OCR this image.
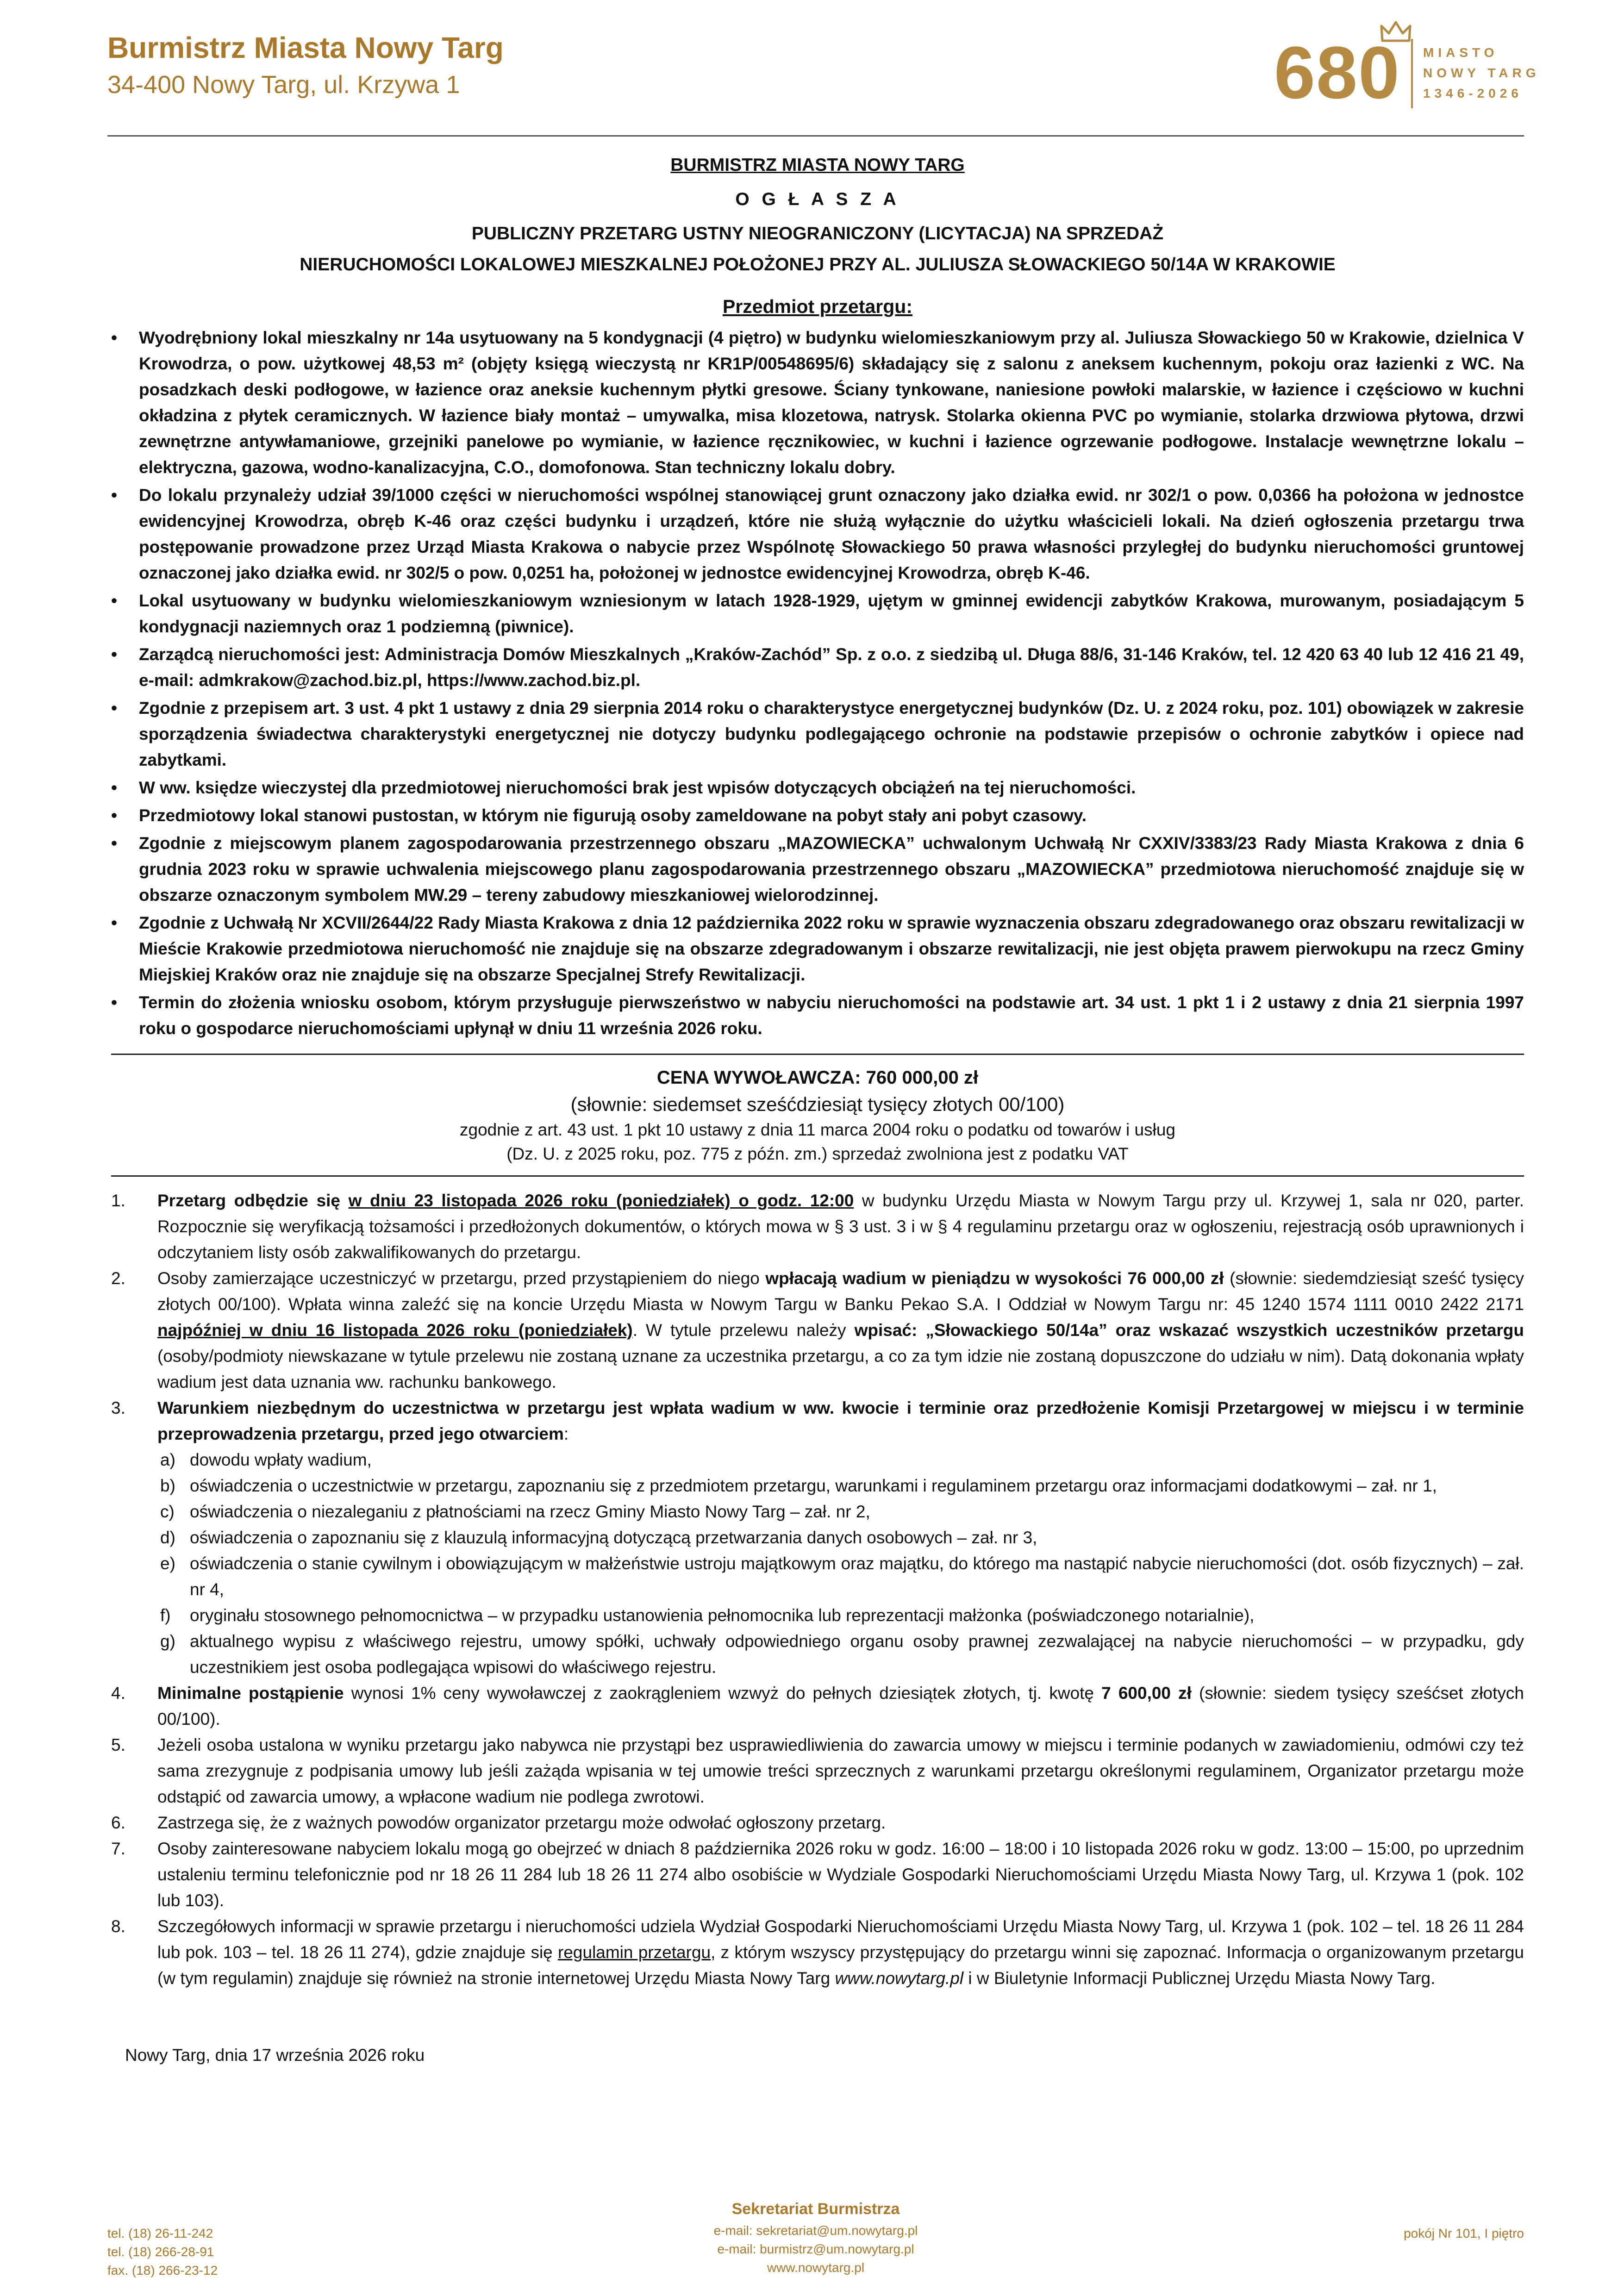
Burmistrz Miasta Nowy Targ
34-400 Nowy Targ, ul. Krzywa 1	680 MIASTO
NOWY TARG
1346-2026

BURMISTRZ MIASTA NOWY TARG

O G Ł A S Z A

PUBLICZNY PRZETARG USTNY NIEOGRANICZONY (LICYTACJA) NA SPRZEDAŻ

NIERUCHOMOŚCI LOKALOWEJ MIESZKALNEJ POŁOŻONEJ PRZY AL. JULIUSZA SŁOWACKIEGO 50/14A W KRAKOWIE

Przedmiot przetargu:
• Wyodrębniony lokal mieszkalny nr 14a usytuowany na 5 kondygnacji (4 piętro) w budynku wielomieszkaniowym przy al. Juliusza Słowackiego 50 w Krakowie, dzielnica V Krowodrza, o pow. użytkowej 48,53 m² (objęty księgą wieczystą nr KR1P/00548695/6) składający się z salonu z aneksem kuchennym, pokoju oraz łazienki z WC. Na posadzkach deski podłogowe, w łazience oraz aneksie kuchennym płytki gresowe. Ściany tynkowane, naniesione powłoki malarskie, w łazience i częściowo w kuchni okładzina z płytek ceramicznych. W łazience biały montaż – umywalka, misa klozetowa, natrysk. Stolarka okienna PVC po wymianie, stolarka drzwiowa płytowa, drzwi zewnętrzne antywłamaniowe, grzejniki panelowe po wymianie, w łazience ręcznikowiec, w kuchni i łazience ogrzewanie podłogowe. Instalacje wewnętrzne lokalu – elektryczna, gazowa, wodno-kanalizacyjna, C.O., domofonowa. Stan techniczny lokalu dobry.
• Do lokalu przynależy udział 39/1000 części w nieruchomości wspólnej stanowiącej grunt oznaczony jako działka ewid. nr 302/1 o pow. 0,0366 ha położona w jednostce ewidencyjnej Krowodrza, obręb K-46 oraz części budynku i urządzeń, które nie służą wyłącznie do użytku właścicieli lokali. Na dzień ogłoszenia przetargu trwa postępowanie prowadzone przez Urząd Miasta Krakowa o nabycie przez Wspólnotę Słowackiego 50 prawa własności przyległej do budynku nieruchomości gruntowej oznaczonej jako działka ewid. nr 302/5 o pow. 0,0251 ha, położonej w jednostce ewidencyjnej Krowodrza, obręb K-46.
• Lokal usytuowany w budynku wielomieszkaniowym wzniesionym w latach 1928-1929, ujętym w gminnej ewidencji zabytków Krakowa, murowanym, posiadającym 5 kondygnacji naziemnych oraz 1 podziemną (piwnice).
• Zarządcą nieruchomości jest: Administracja Domów Mieszkalnych „Kraków-Zachód” Sp. z o.o. z siedzibą ul. Długa 88/6, 31-146 Kraków, tel. 12 420 63 40 lub 12 416 21 49, e-mail: admkrakow@zachod.biz.pl, https://www.zachod.biz.pl.
• Zgodnie z przepisem art. 3 ust. 4 pkt 1 ustawy z dnia 29 sierpnia 2014 roku o charakterystyce energetycznej budynków (Dz. U. z 2024 roku, poz. 101) obowiązek w zakresie sporządzenia świadectwa charakterystyki energetycznej nie dotyczy budynku podlegającego ochronie na podstawie przepisów o ochronie zabytków i opiece nad zabytkami.
• W ww. księdze wieczystej dla przedmiotowej nieruchomości brak jest wpisów dotyczących obciążeń na tej nieruchomości.
• Przedmiotowy lokal stanowi pustostan, w którym nie figurują osoby zameldowane na pobyt stały ani pobyt czasowy.
• Zgodnie z miejscowym planem zagospodarowania przestrzennego obszaru „MAZOWIECKA” uchwalonym Uchwałą Nr CXXIV/3383/23 Rady Miasta Krakowa z dnia 6 grudnia 2023 roku w sprawie uchwalenia miejscowego planu zagospodarowania przestrzennego obszaru „MAZOWIECKA” przedmiotowa nieruchomość znajduje się w obszarze oznaczonym symbolem MW.29 – tereny zabudowy mieszkaniowej wielorodzinnej.
• Zgodnie z Uchwałą Nr XCVII/2644/22 Rady Miasta Krakowa z dnia 12 października 2022 roku w sprawie wyznaczenia obszaru zdegradowanego oraz obszaru rewitalizacji w Mieście Krakowie przedmiotowa nieruchomość nie znajduje się na obszarze zdegradowanym i obszarze rewitalizacji, nie jest objęta prawem pierwokupu na rzecz Gminy Miejskiej Kraków oraz nie znajduje się na obszarze Specjalnej Strefy Rewitalizacji.
• Termin do złożenia wniosku osobom, którym przysługuje pierwszeństwo w nabyciu nieruchomości na podstawie art. 34 ust. 1 pkt 1 i 2 ustawy z dnia 21 sierpnia 1997 roku o gospodarce nieruchomościami upłynął w dniu 11 września 2026 roku.
CENA WYWOŁAWCZA: 760 000,00 zł
(słownie: siedemset sześćdziesiąt tysięcy złotych 00/100)
zgodnie z art. 43 ust. 1 pkt 10 ustawy z dnia 11 marca 2004 roku o podatku od towarów i usług
(Dz. U. z 2025 roku, poz. 775 z późn. zm.) sprzedaż zwolniona jest z podatku VAT
1. Przetarg odbędzie się w dniu 23 listopada 2026 roku (poniedziałek) o godz. 12:00 w budynku Urzędu Miasta w Nowym Targu przy ul. Krzywej 1, sala nr 020, parter. Rozpocznie się weryfikacją tożsamości i przedłożonych dokumentów, o których mowa w § 3 ust. 3 i w § 4 regulaminu przetargu oraz w ogłoszeniu, rejestracją osób uprawnionych i odczytaniem listy osób zakwalifikowanych do przetargu.
2. Osoby zamierzające uczestniczyć w przetargu, przed przystąpieniem do niego wpłacają wadium w pieniądzu w wysokości 76 000,00 zł (słownie: siedemdziesiąt sześć tysięcy złotych 00/100). Wpłata winna zaleźć się na koncie Urzędu Miasta w Nowym Targu w Banku Pekao S.A. I Oddział w Nowym Targu nr: 45 1240 1574 1111 0010 2422 2171 najpóźniej w dniu 16 listopada 2026 roku (poniedziałek). W tytule przelewu należy wpisać: „Słowackiego 50/14a” oraz wskazać wszystkich uczestników przetargu (osoby/podmioty niewskazane w tytule przelewu nie zostaną uznane za uczestnika przetargu, a co za tym idzie nie zostaną dopuszczone do udziału w nim). Datą dokonania wpłaty wadium jest data uznania ww. rachunku bankowego.
3. Warunkiem niezbędnym do uczestnictwa w przetargu jest wpłata wadium w ww. kwocie i terminie oraz przedłożenie Komisji Przetargowej w miejscu i w terminie przeprowadzenia przetargu, przed jego otwarciem:
a) dowodu wpłaty wadium,
b) oświadczenia o uczestnictwie w przetargu, zapoznaniu się z przedmiotem przetargu, warunkami i regulaminem przetargu oraz informacjami dodatkowymi – zał. nr 1,
c) oświadczenia o niezaleganiu z płatnościami na rzecz Gminy Miasto Nowy Targ – zał. nr 2,
d) oświadczenia o zapoznaniu się z klauzulą informacyjną dotyczącą przetwarzania danych osobowych – zał. nr 3,
e) oświadczenia o stanie cywilnym i obowiązującym w małżeństwie ustroju majątkowym oraz majątku, do którego ma nastąpić nabycie nieruchomości (dot. osób fizycznych) – zał. nr 4,
f) oryginału stosownego pełnomocnictwa – w przypadku ustanowienia pełnomocnika lub reprezentacji małżonka (poświadczonego notarialnie),
g) aktualnego wypisu z właściwego rejestru, umowy spółki, uchwały odpowiedniego organu osoby prawnej zezwalającej na nabycie nieruchomości – w przypadku, gdy uczestnikiem jest osoba podlegająca wpisowi do właściwego rejestru.
4. Minimalne postąpienie wynosi 1% ceny wywoławczej z zaokrągleniem wzwyż do pełnych dziesiątek złotych, tj. kwotę 7 600,00 zł (słownie: siedem tysięcy sześćset złotych 00/100).
5. Jeżeli osoba ustalona w wyniku przetargu jako nabywca nie przystąpi bez usprawiedliwienia do zawarcia umowy w miejscu i terminie podanych w zawiadomieniu, odmówi czy też sama zrezygnuje z podpisania umowy lub jeśli zażąda wpisania w tej umowie treści sprzecznych z warunkami przetargu określonymi regulaminem, Organizator przetargu może odstąpić od zawarcia umowy, a wpłacone wadium nie podlega zwrotowi.
6. Zastrzega się, że z ważnych powodów organizator przetargu może odwołać ogłoszony przetarg.
7. Osoby zainteresowane nabyciem lokalu mogą go obejrzeć w dniach 8 października 2026 roku w godz. 16:00 – 18:00 i 10 listopada 2026 roku w godz. 13:00 – 15:00, po uprzednim ustaleniu terminu telefonicznie pod nr 18 26 11 284 lub 18 26 11 274 albo osobiście w Wydziale Gospodarki Nieruchomościami Urzędu Miasta Nowy Targ, ul. Krzywa 1 (pok. 102 lub 103).
8. Szczegółowych informacji w sprawie przetargu i nieruchomości udziela Wydział Gospodarki Nieruchomościami Urzędu Miasta Nowy Targ, ul. Krzywa 1 (pok. 102 – tel. 18 26 11 284 lub pok. 103 – tel. 18 26 11 274), gdzie znajduje się regulamin przetargu, z którym wszyscy przystępujący do przetargu winni się zapoznać. Informacja o organizowanym przetargu (w tym regulamin) znajduje się również na stronie internetowej Urzędu Miasta Nowy Targ www.nowytarg.pl i w Biuletynie Informacji Publicznej Urzędu Miasta Nowy Targ.
Nowy Targ, dnia 17 września 2026 roku
tel. (18) 26-11-242
tel. (18) 266-28-91
fax. (18) 266-23-12
Sekretariat Burmistrza
e-mail: sekretariat@um.nowytarg.pl
e-mail: burmistrz@um.nowytarg.pl
www.nowytarg.pl
pokój Nr 101, I piętro
